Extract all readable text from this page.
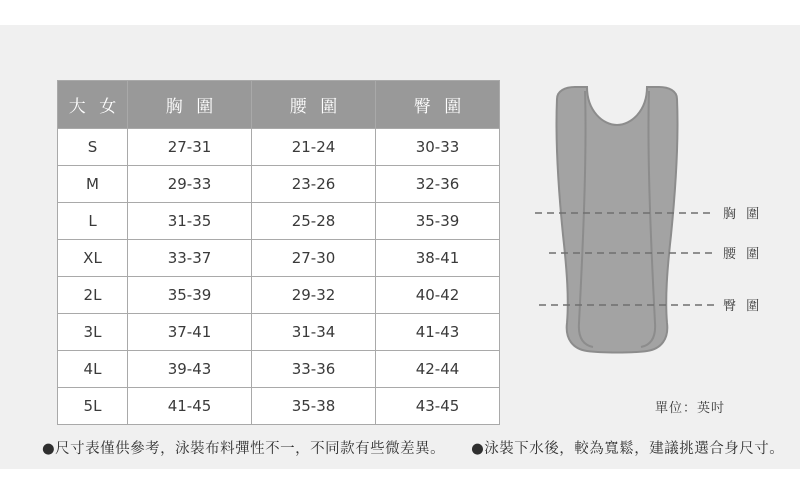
大 女	胸 圍	腰 圍	臀 圍
S	27-31	21-24	30-33
M	29-33	23-26	32-36
L	31-35	25-28	35-39
XL	33-37	27-30	38-41
2L	35-39	29-32	40-42
3L	37-41	31-34	41-43
4L	39-43	33-36	42-44
5L	41-45	35-38	43-45
胸 圍
腰 圍
臀 圍
單位：英吋
●尺寸表僅供參考，泳裝布料彈性不一，不同款有些微差異。 ●泳裝下水後，較為寬鬆，建議挑選合身尺寸。
